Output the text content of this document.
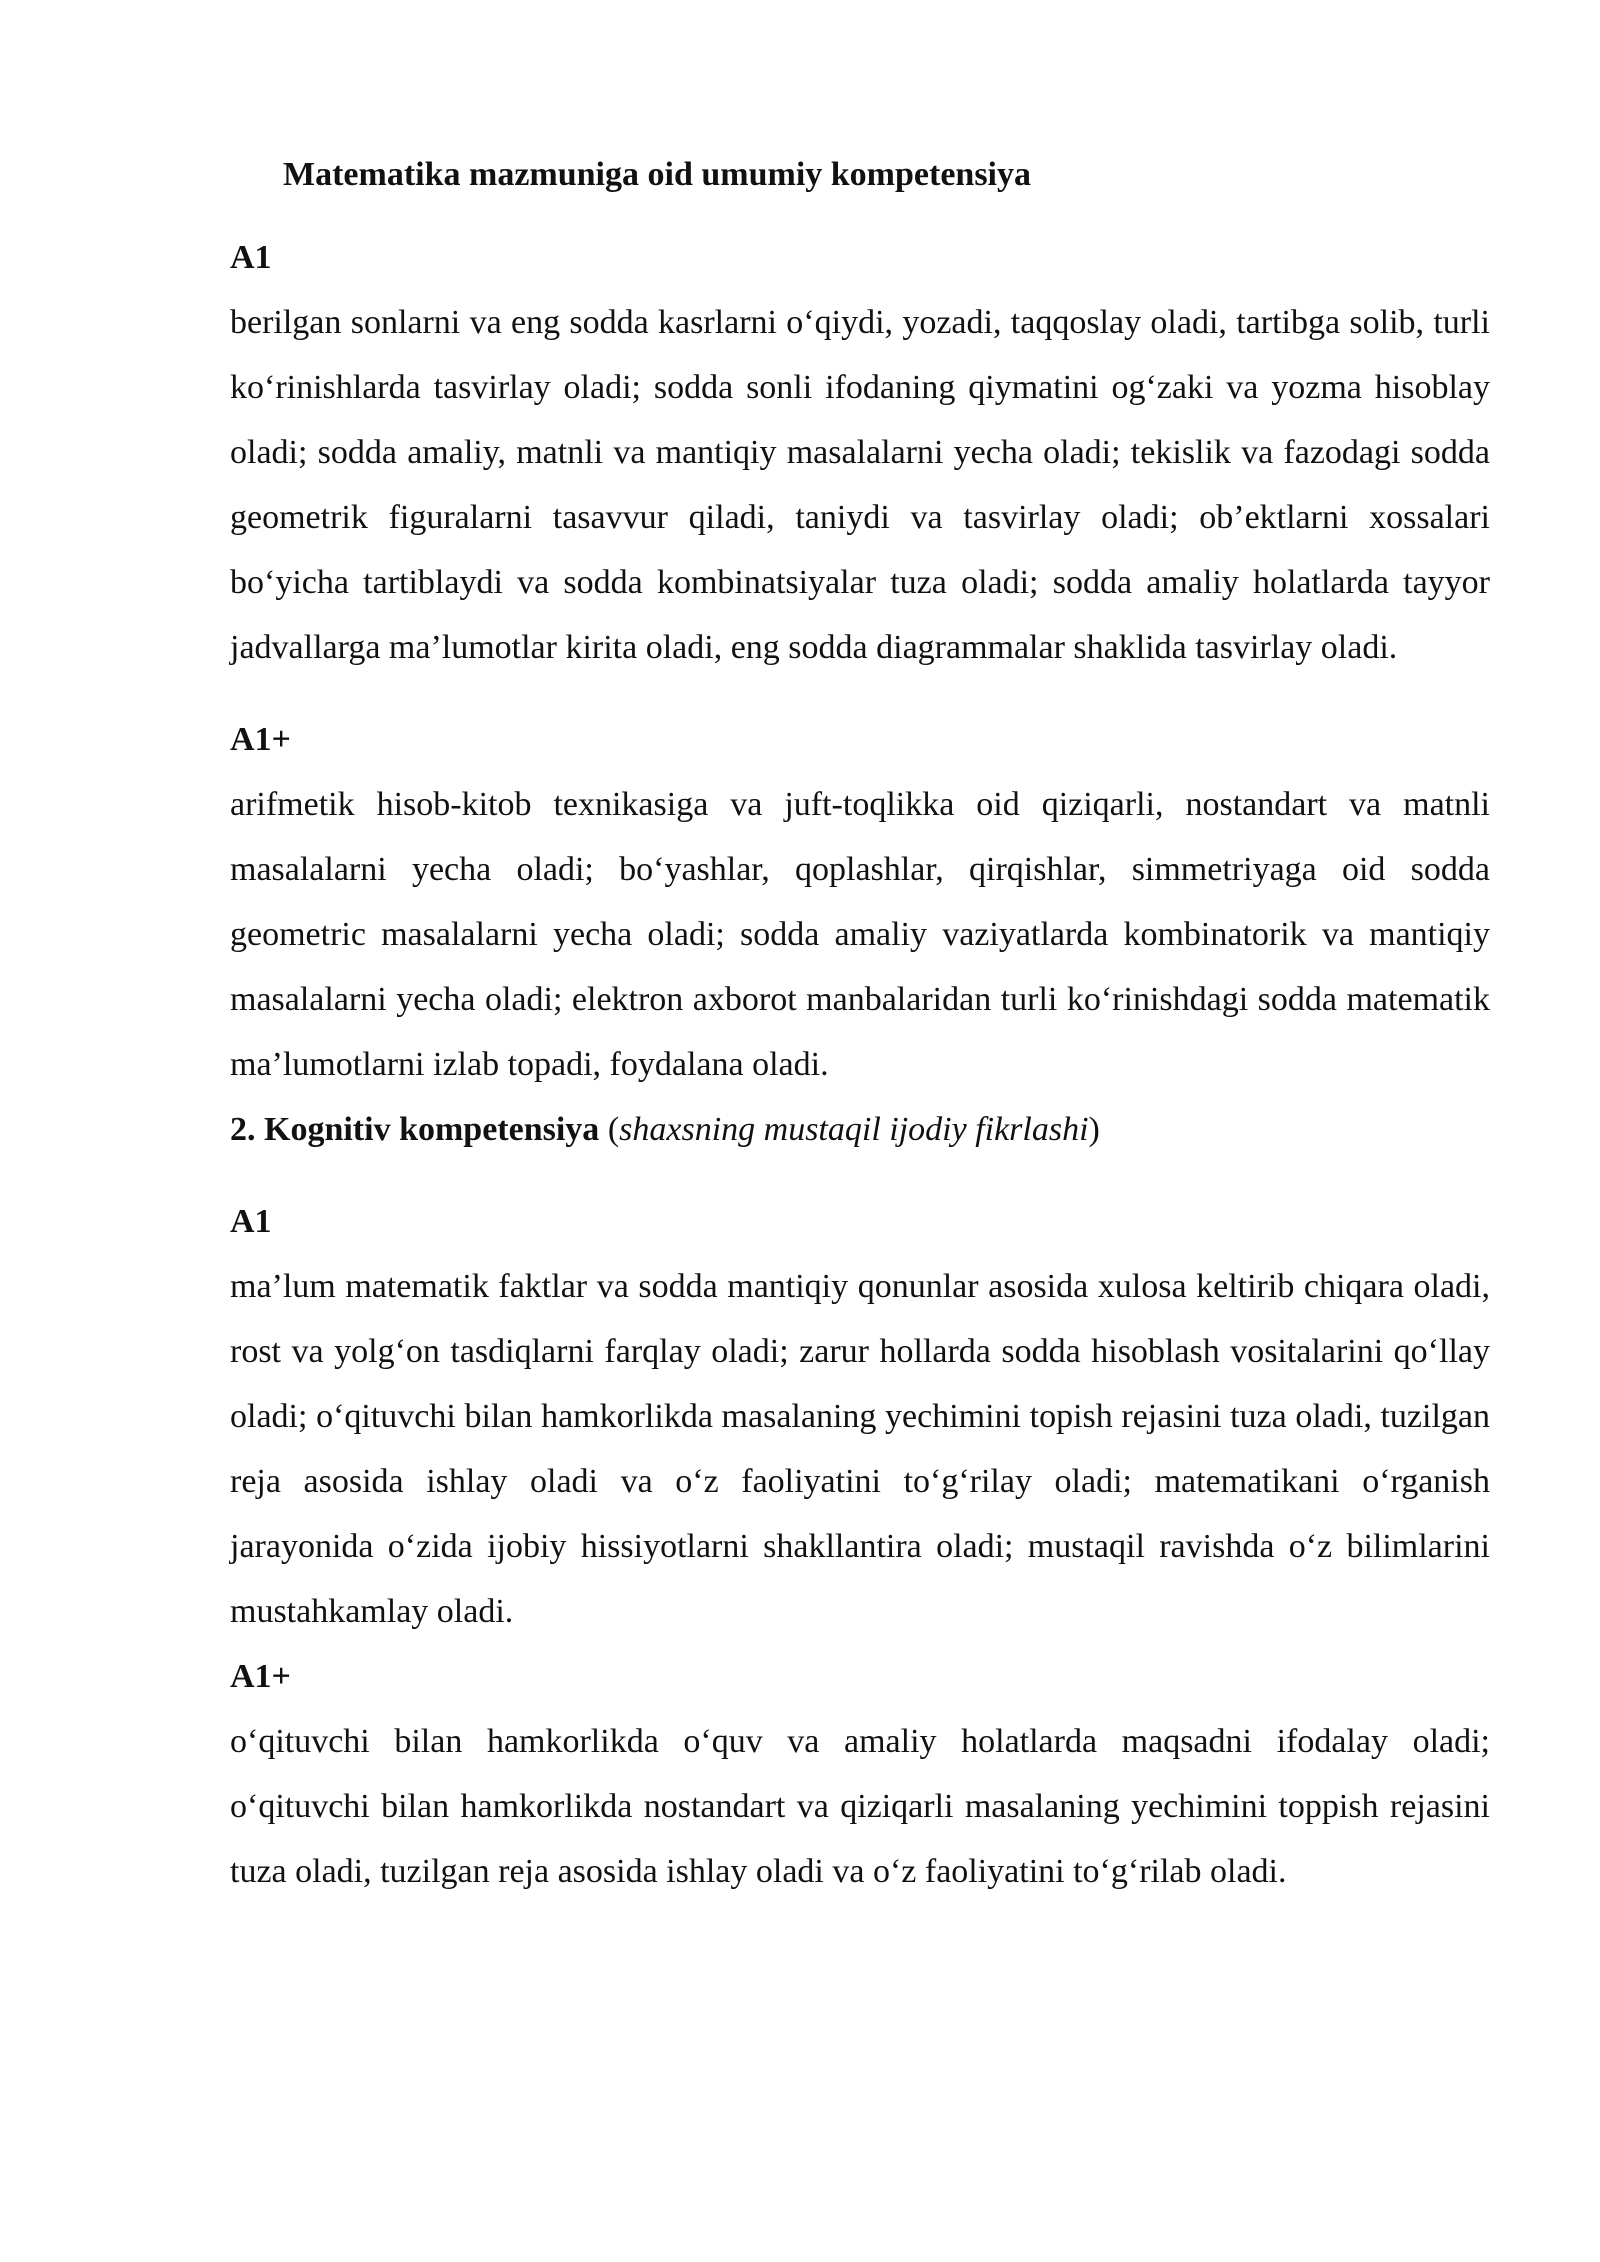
Matematika mazmuniga oid umumiy kompetensiya

A1

berilgan sonlarni va eng sodda kasrlarni o‘qiydi, yozadi, taqqoslay oladi, tartibga solib, turli ko‘rinishlarda tasvirlay oladi; sodda sonli ifodaning qiymatini og‘zaki va yozma hisoblay oladi; sodda amaliy, matnli va mantiqiy masalalarni yecha oladi; tekislik va fazodagi sodda geometrik figuralarni tasavvur qiladi, taniydi va tasvirlay oladi; ob’ektlarni xossalari bo‘yicha tartiblaydi va sodda kombinatsiyalar tuza oladi; sodda amaliy holatlarda tayyor jadvallarga ma’lumotlar kirita oladi, eng sodda diagrammalar shaklida tasvirlay oladi.

A1+

arifmetik hisob-kitob texnikasiga va juft-toqlikka oid qiziqarli, nostandart va matnli masalalarni yecha oladi; bo‘yashlar, qoplashlar, qirqishlar, simmetriyaga oid sodda geometric masalalarni yecha oladi; sodda amaliy vaziyatlarda kombinatorik va mantiqiy masalalarni yecha oladi; elektron axborot manbalaridan turli ko‘rinishdagi sodda matematik ma’lumotlarni izlab topadi, foydalana oladi.

2. Kognitiv kompetensiya (shaxsning mustaqil ijodiy fikrlashi)

A1

ma’lum matematik faktlar va sodda mantiqiy qonunlar asosida xulosa keltirib chiqara oladi, rost va yolg‘on tasdiqlarni farqlay oladi; zarur hollarda sodda hisoblash vositalarini qo‘llay oladi; o‘qituvchi bilan hamkorlikda masalaning yechimini topish rejasini tuza oladi, tuzilgan reja asosida ishlay oladi va o‘z faoliyatini to‘g‘rilay oladi; matematikani o‘rganish jarayonida o‘zida ijobiy hissiyotlarni shakllantira oladi; mustaqil ravishda o‘z bilimlarini mustahkamlay oladi.

A1+

o‘qituvchi bilan hamkorlikda o‘quv va amaliy holatlarda maqsadni ifodalay oladi; o‘qituvchi bilan hamkorlikda nostandart va qiziqarli masalaning yechimini toppish rejasini tuza oladi, tuzilgan reja asosida ishlay oladi va o‘z faoliyatini to‘g‘rilab oladi.
